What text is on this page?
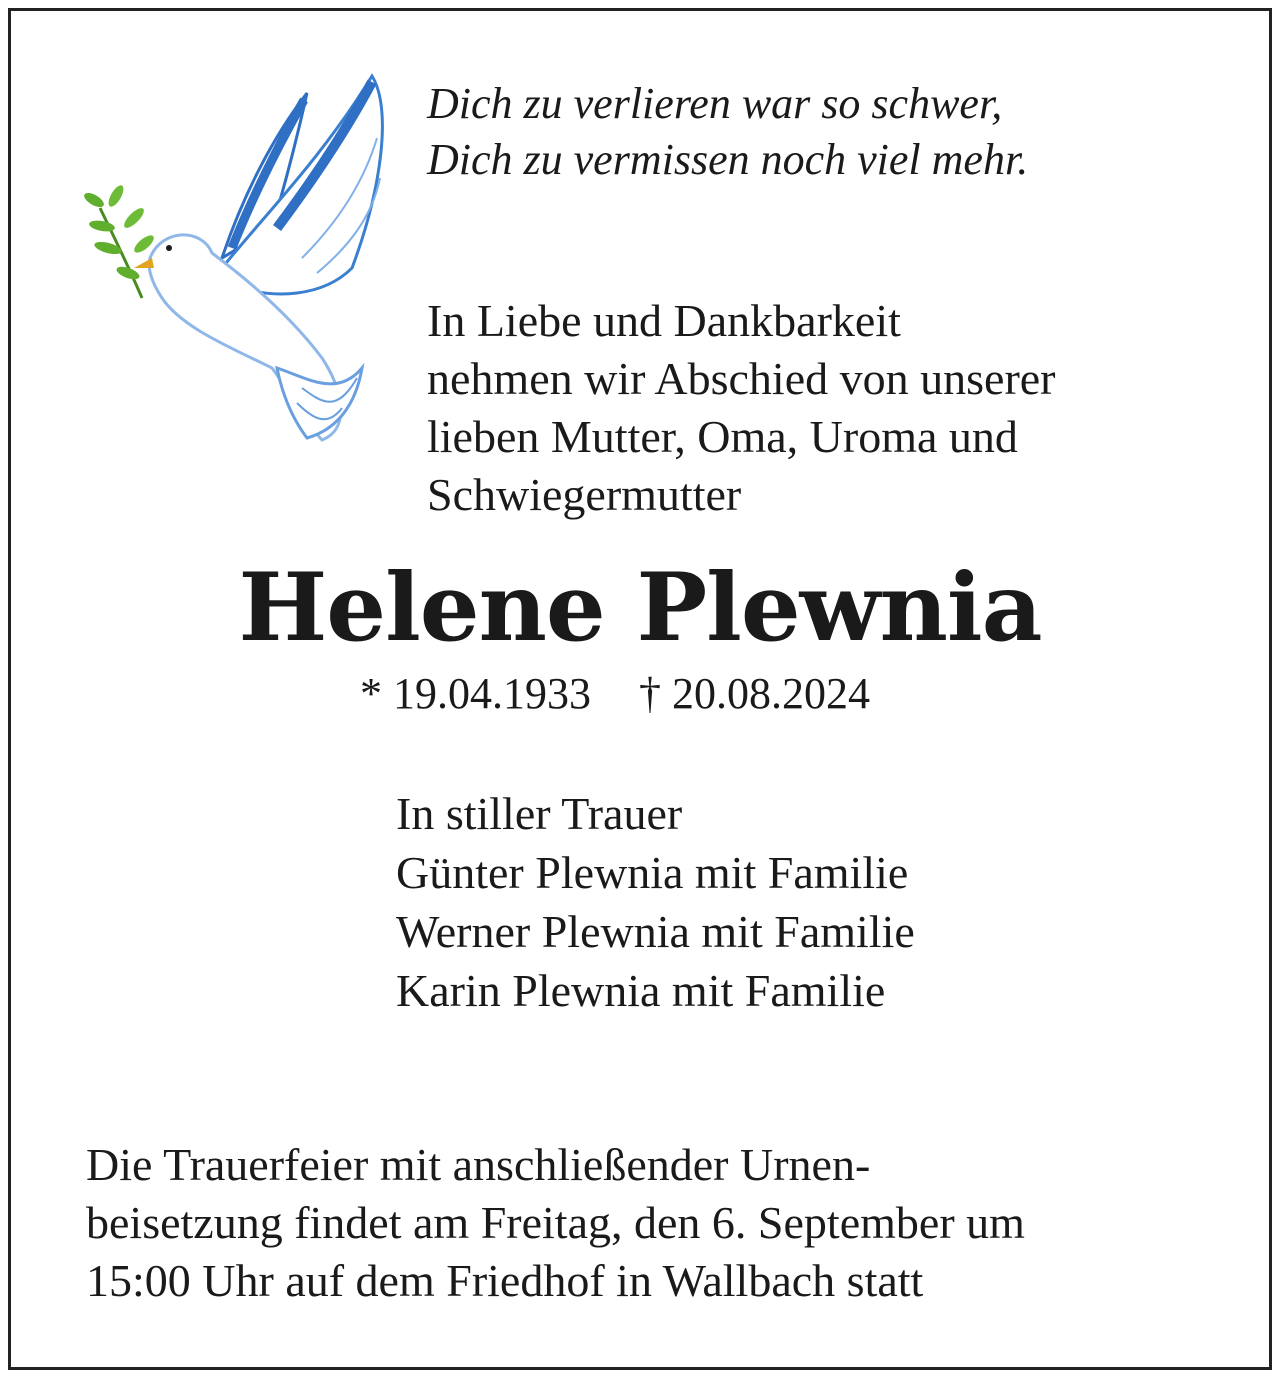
Dich zu verlieren war so schwer,
Dich zu vermissen noch viel mehr.
In Liebe und Dankbarkeit
nehmen wir Abschied von unserer
lieben Mutter, Oma, Uroma und
Schwiegermutter
Helene Plewnia
* 19.04.1933 † 20.08.2024
In stiller Trauer
Günter Plewnia mit Familie
Werner Plewnia mit Familie
Karin Plewnia mit Familie
Die Trauerfeier mit anschließender Urnen-
beisetzung findet am Freitag, den 6. September um
15:00 Uhr auf dem Friedhof in Wallbach statt
